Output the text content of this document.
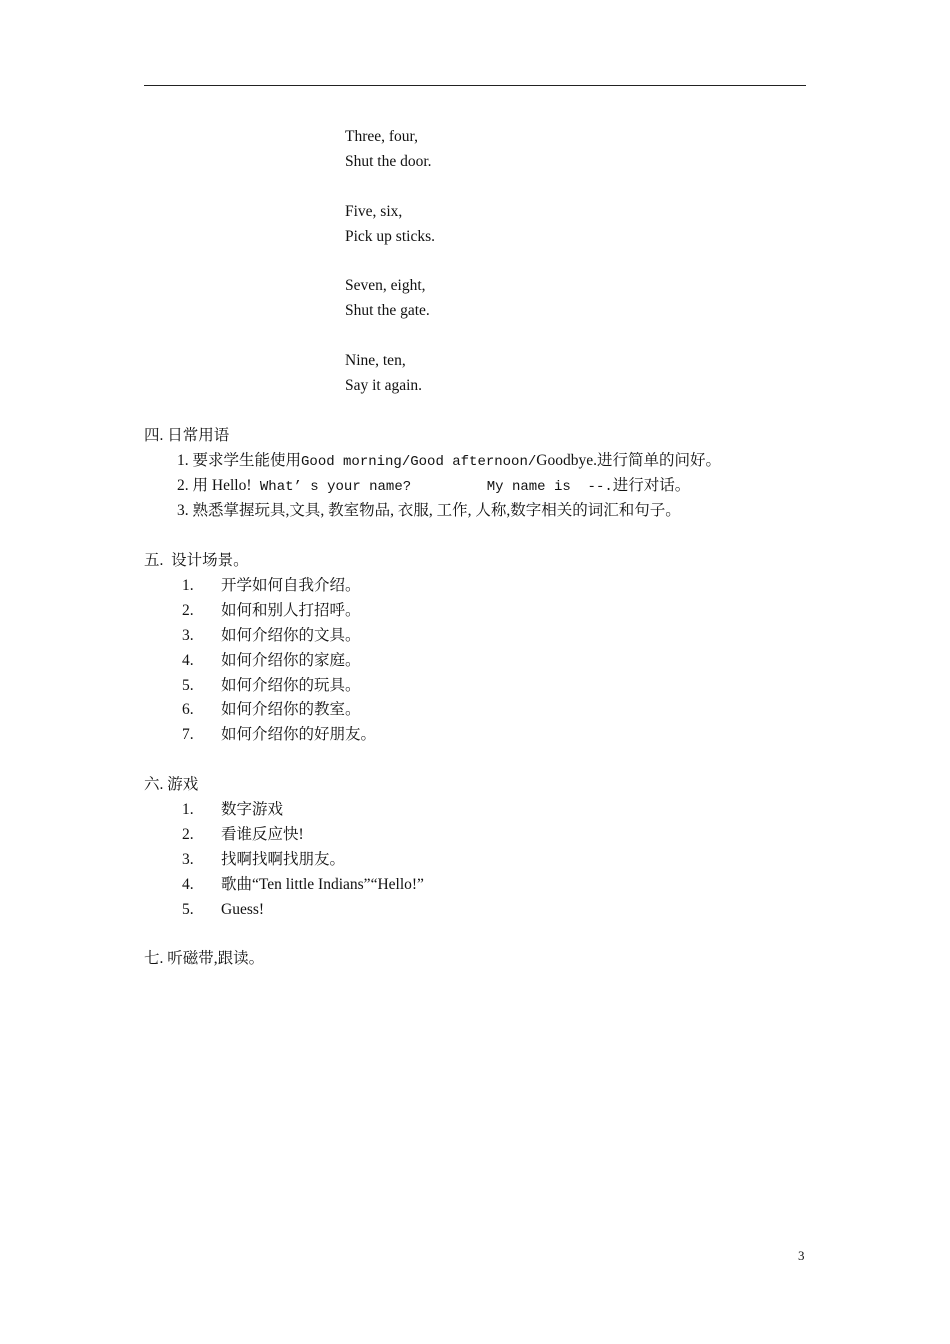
Three, four,
Shut the door.
Five, six,
Pick up sticks.
Seven, eight,
Shut the gate.
Nine, ten,
Say it again.
四. 日常用语
1. 要求学生能使用Good morning/Good afternoon/Goodbye.进行简单的问好。
2. 用 Hello! What’ s your name?         My name is  --.进行对话。
3. 熟悉掌握玩具,文具, 教室物品, 衣服, 工作, 人称,数字相关的词汇和句子。
五.  设计场景。
1. 开学如何自我介绍。
2. 如何和别人打招呼。
3. 如何介绍你的文具。
4. 如何介绍你的家庭。
5. 如何介绍你的玩具。
6. 如何介绍你的教室。
7. 如何介绍你的好朋友。
六. 游戏
1. 数字游戏
2. 看谁反应快!
3. 找啊找啊找朋友。
4. 歌曲“Ten little Indians”“Hello!”
5. Guess!
七. 听磁带,跟读。
3
